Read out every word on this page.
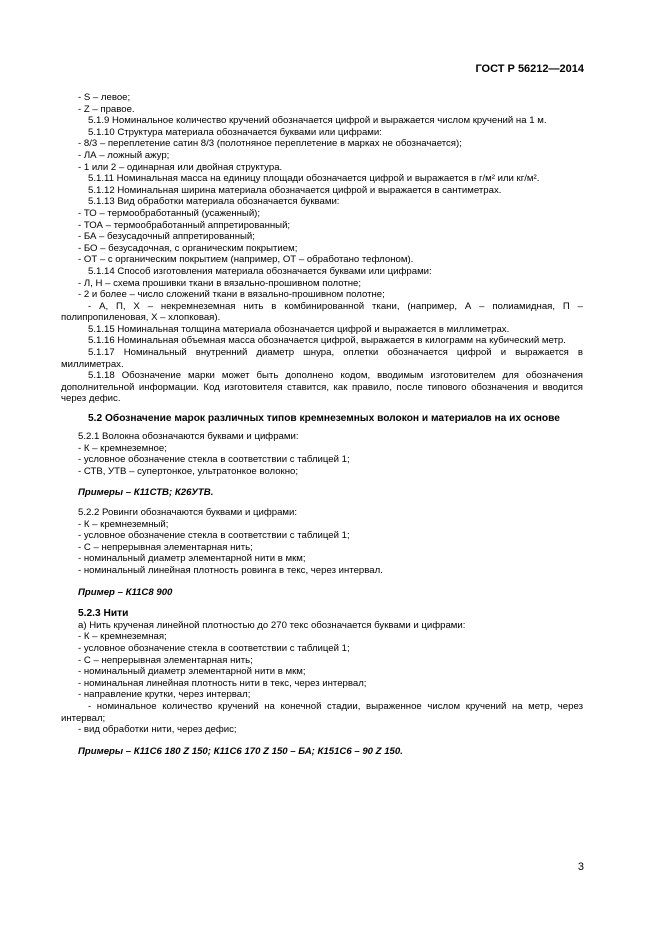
ГОСТ Р 56212—2014

- S – левое;

- Z – правое.

5.1.9 Номинальное количество кручений обозначается цифрой и выражается числом кручений на 1 м.

5.1.10 Структура материала обозначается буквами или цифрами:

- 8/3 – переплетение сатин 8/3 (полотняное переплетение в марках не обозначается);

- ЛА – ложный ажур;

- 1 или 2 – одинарная или двойная структура.

5.1.11 Номинальная масса на единицу площади обозначается цифрой и выражается в г/м² или кг/м².

5.1.12 Номинальная ширина материала обозначается цифрой и выражается в сантиметрах.

5.1.13 Вид обработки материала обозначается буквами:

- ТО – термообработанный (усаженный);

- ТОА – термообработанный аппретированный;

- БА – безусадочный аппретированный;

- БО – безусадочная, с органическим покрытием;

- ОТ – с органическим покрытием (например, ОТ – обработано тефлоном).

5.1.14 Способ изготовления материала обозначается буквами или цифрами:

- Л, Н – схема прошивки ткани в вязально-прошивном полотне;

- 2 и более – число сложений ткани в вязально-прошивном полотне;

- А, П, Х – некремнеземная нить в комбинированной ткани, (например, А – полиамидная, П – полипропиленовая, Х – хлопковая).

5.1.15 Номинальная толщина материала обозначается цифрой и выражается в миллиметрах.

5.1.16 Номинальная объемная масса обозначается цифрой, выражается в килограмм на кубический метр.

5.1.17 Номинальный внутренний диаметр шнура, оплетки обозначается цифрой и выражается в миллиметрах.

5.1.18 Обозначение марки может быть дополнено кодом, вводимым изготовителем для обозначения дополнительной информации. Код изготовителя ставится, как правило, после типового обозначения и вводится через дефис.

5.2 Обозначение марок различных типов кремнеземных волокон и материалов на их основе

5.2.1 Волокна обозначаются буквами и цифрами:

- К – кремнеземное;

- условное обозначение стекла в соответствии с таблицей 1;

- СТВ, УТВ – супертонкое, ультратонкое волокно;

Примеры – К11СТВ; К26УТВ.

5.2.2 Ровинги обозначаются буквами и цифрами:

- К – кремнеземный;

- условное обозначение стекла в соответствии с таблицей 1;

- С – непрерывная элементарная нить;

- номинальный диаметр элементарной нити в мкм;

- номинальный линейная плотность ровинга в текс, через интервал.

Пример – К11С8 900

5.2.3 Нити

а) Нить крученая линейной плотностью до 270 текс обозначается буквами и цифрами:

- К – кремнеземная;

- условное обозначение стекла в соответствии с таблицей 1;

- С – непрерывная элементарная нить;

- номинальный диаметр элементарной нити в мкм;

- номинальная линейная плотность нити в текс, через интервал;

- направление крутки, через интервал;

- номинальное количество кручений на конечной стадии, выраженное числом кручений на метр, через интервал;

- вид обработки нити, через дефис;

Примеры – К11С6 180 Z 150; К11С6 170 Z 150 – БА; К151С6 – 90 Z 150.

3
